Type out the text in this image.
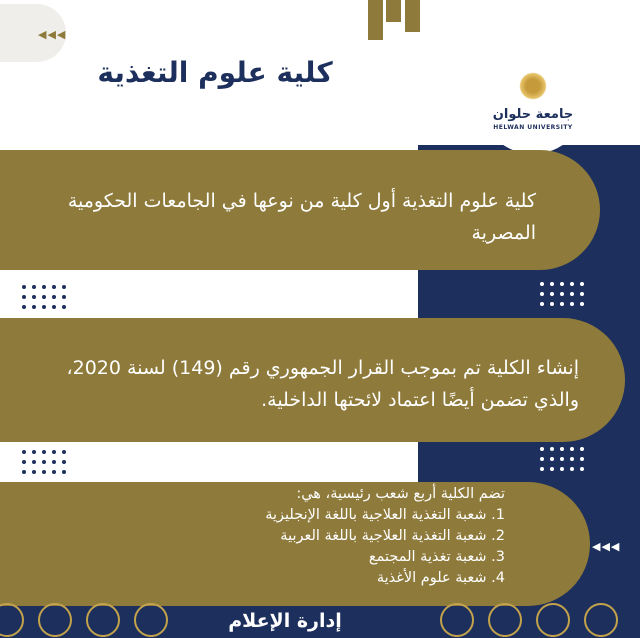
◀◀◀
جامعة حلوان
HELWAN UNIVERSITY
كلية علوم التغذية
كلية علوم التغذية أول كلية من نوعها في الجامعات الحكومية المصرية
إنشاء الكلية تم بموجب القرار الجمهوري رقم (149) لسنة 2020، والذي تضمن أيضًا اعتماد لائحتها الداخلية.
تضم الكلية أربع شعب رئيسية، هي:
1. شعبة التغذية العلاجية باللغة الإنجليزية
2. شعبة التغذية العلاجية باللغة العربية
3. شعبة تغذية المجتمع
4. شعبة علوم الأغذية
◀◀◀
إدارة الإعلام
